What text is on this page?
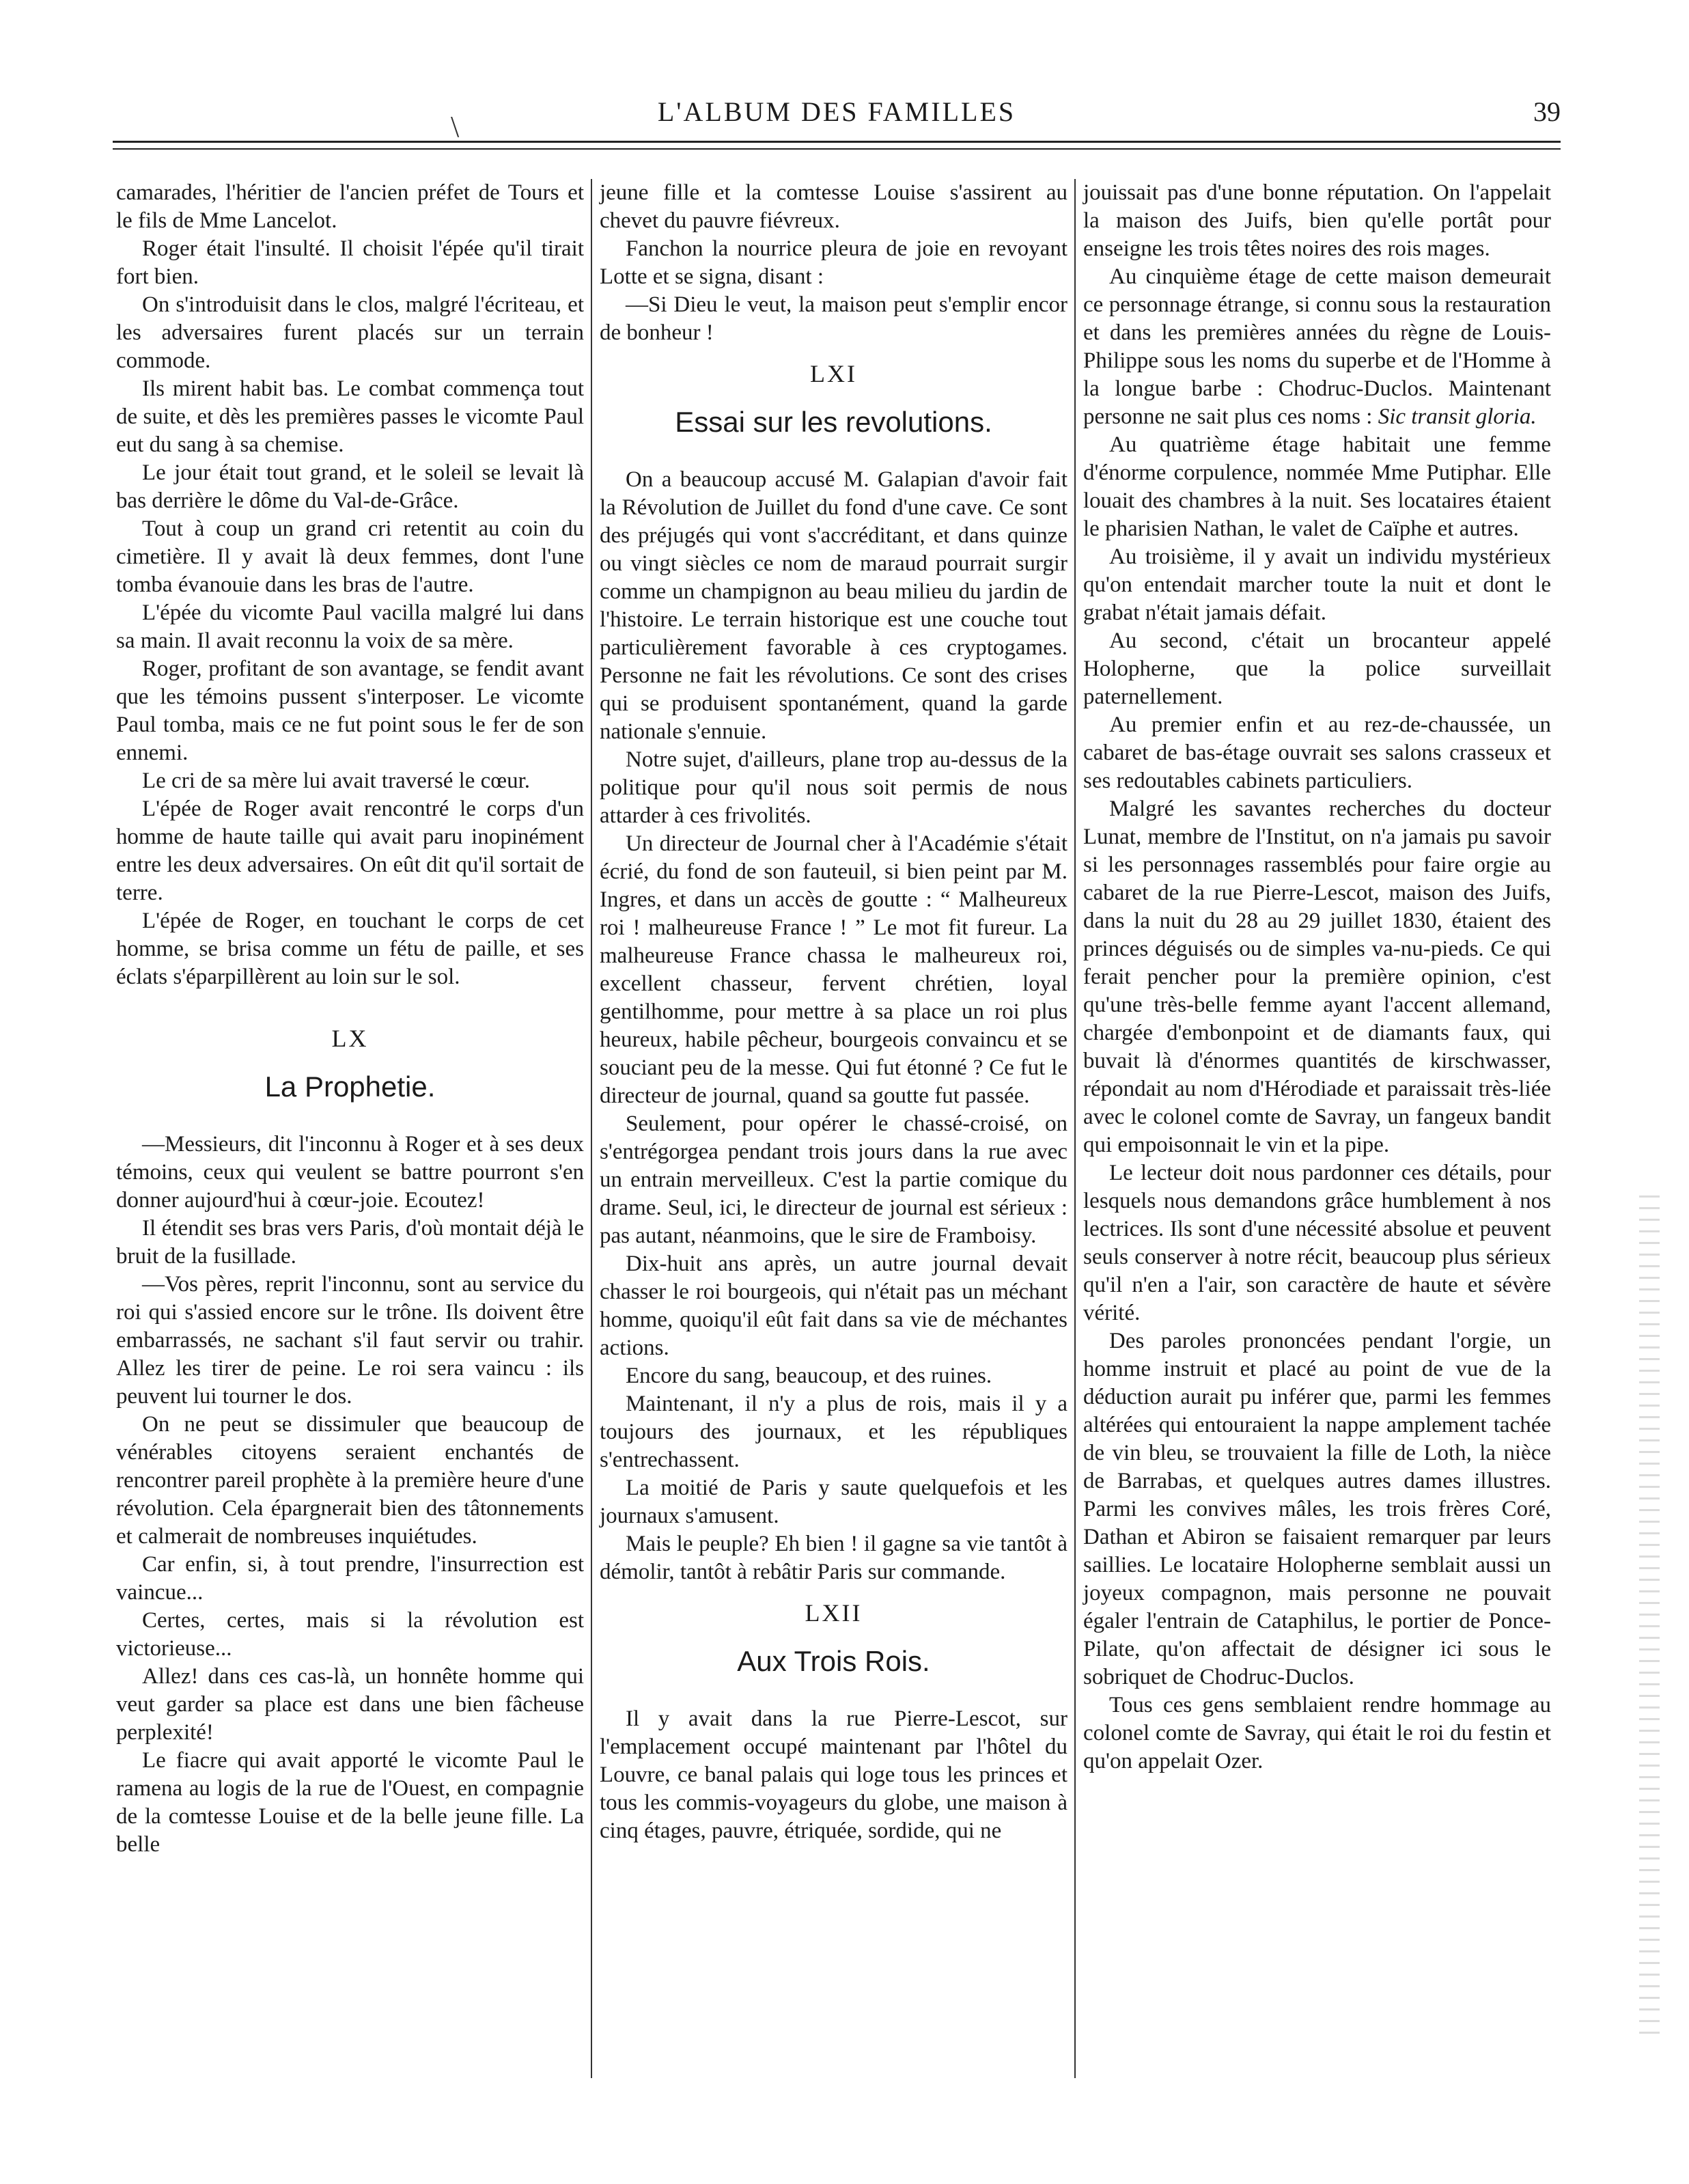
L'ALBUM DES FAMILLES	39
\

camarades, l'héritier de l'ancien préfet de Tours et le fils de Mme Lancelot.

Roger était l'insulté. Il choisit l'épée qu'il tirait fort bien.

On s'introduisit dans le clos, malgré l'écriteau, et les adversaires furent placés sur un terrain commode.

Ils mirent habit bas. Le combat commença tout de suite, et dès les premières passes le vicomte Paul eut du sang à sa chemise.

Le jour était tout grand, et le soleil se levait là bas derrière le dôme du Val-de-Grâce.

Tout à coup un grand cri retentit au coin du cimetière. Il y avait là deux femmes, dont l'une tomba évanouie dans les bras de l'autre.

L'épée du vicomte Paul vacilla malgré lui dans sa main. Il avait reconnu la voix de sa mère.

Roger, profitant de son avantage, se fendit avant que les témoins pussent s'interposer. Le vicomte Paul tomba, mais ce ne fut point sous le fer de son ennemi.

Le cri de sa mère lui avait traversé le cœur.

L'épée de Roger avait rencontré le corps d'un homme de haute taille qui avait paru inopinément entre les deux adversaires. On eût dit qu'il sortait de terre.

L'épée de Roger, en touchant le corps de cet homme, se brisa comme un fétu de paille, et ses éclats s'éparpillèrent au loin sur le sol.

LX
La Prophetie.

—Messieurs, dit l'inconnu à Roger et à ses deux témoins, ceux qui veulent se battre pourront s'en donner aujourd'hui à cœur-joie. Ecoutez!

Il étendit ses bras vers Paris, d'où montait déjà le bruit de la fusillade.

—Vos pères, reprit l'inconnu, sont au service du roi qui s'assied encore sur le trône. Ils doivent être embarrassés, ne sachant s'il faut servir ou trahir. Allez les tirer de peine. Le roi sera vaincu : ils peuvent lui tourner le dos.

On ne peut se dissimuler que beaucoup de vénérables citoyens seraient enchantés de rencontrer pareil prophète à la première heure d'une révolution. Cela épargnerait bien des tâtonnements et calmerait de nombreuses inquiétudes.

Car enfin, si, à tout prendre, l'insurrection est vaincue...

Certes, certes, mais si la révolution est victorieuse...

Allez! dans ces cas-là, un honnête homme qui veut garder sa place est dans une bien fâcheuse perplexité!

Le fiacre qui avait apporté le vicomte Paul le ramena au logis de la rue de l'Ouest, en compagnie de la comtesse Louise et de la belle jeune fille. La belle

jeune fille et la comtesse Louise s'assirent au chevet du pauvre fiévreux.

Fanchon la nourrice pleura de joie en revoyant Lotte et se signa, disant :

—Si Dieu le veut, la maison peut s'emplir encor de bonheur !

LXI
Essai sur les revolutions.

On a beaucoup accusé M. Galapian d'avoir fait la Révolution de Juillet du fond d'une cave. Ce sont des préjugés qui vont s'accréditant, et dans quinze ou vingt siècles ce nom de maraud pourrait surgir comme un champignon au beau milieu du jardin de l'histoire. Le terrain historique est une couche tout particulièrement favorable à ces cryptogames. Personne ne fait les révolutions. Ce sont des crises qui se produisent spontanément, quand la garde nationale s'ennuie.

Notre sujet, d'ailleurs, plane trop au-dessus de la politique pour qu'il nous soit permis de nous attarder à ces frivolités.

Un directeur de Journal cher à l'Académie s'était écrié, du fond de son fauteuil, si bien peint par M. Ingres, et dans un accès de goutte : “ Malheureux roi ! malheureuse France ! ” Le mot fit fureur. La malheureuse France chassa le malheureux roi, excellent chasseur, fervent chrétien, loyal gentilhomme, pour mettre à sa place un roi plus heureux, habile pêcheur, bourgeois convaincu et se souciant peu de la messe. Qui fut étonné ? Ce fut le directeur de journal, quand sa goutte fut passée.

Seulement, pour opérer le chassé-croisé, on s'entrégorgea pendant trois jours dans la rue avec un entrain merveilleux. C'est la partie comique du drame. Seul, ici, le directeur de journal est sérieux : pas autant, néanmoins, que le sire de Framboisy.

Dix-huit ans après, un autre journal devait chasser le roi bourgeois, qui n'était pas un méchant homme, quoiqu'il eût fait dans sa vie de méchantes actions.

Encore du sang, beaucoup, et des ruines.

Maintenant, il n'y a plus de rois, mais il y a toujours des journaux, et les républiques s'entrechassent.

La moitié de Paris y saute quelquefois et les journaux s'amusent.

Mais le peuple? Eh bien ! il gagne sa vie tantôt à démolir, tantôt à rebâtir Paris sur commande.

LXII
Aux Trois Rois.

Il y avait dans la rue Pierre-Lescot, sur l'emplacement occupé maintenant par l'hôtel du Louvre, ce banal palais qui loge tous les princes et tous les commis-voyageurs du globe, une maison à cinq étages, pauvre, étriquée, sordide, qui ne

jouissait pas d'une bonne réputation. On l'appelait la maison des Juifs, bien qu'elle portât pour enseigne les trois têtes noires des rois mages.

Au cinquième étage de cette maison demeurait ce personnage étrange, si connu sous la restauration et dans les premières années du règne de Louis-Philippe sous les noms du superbe et de l'Homme à la longue barbe : Chodruc-Duclos. Maintenant personne ne sait plus ces noms : Sic transit gloria.

Au quatrième étage habitait une femme d'énorme corpulence, nommée Mme Putiphar. Elle louait des chambres à la nuit. Ses locataires étaient le pharisien Nathan, le valet de Caïphe et autres.

Au troisième, il y avait un individu mystérieux qu'on entendait marcher toute la nuit et dont le grabat n'était jamais défait.

Au second, c'était un brocanteur appelé Holopherne, que la police surveillait paternellement.

Au premier enfin et au rez-de-chaussée, un cabaret de bas-étage ouvrait ses salons crasseux et ses redoutables cabinets particuliers.

Malgré les savantes recherches du docteur Lunat, membre de l'Institut, on n'a jamais pu savoir si les personnages rassemblés pour faire orgie au cabaret de la rue Pierre-Lescot, maison des Juifs, dans la nuit du 28 au 29 juillet 1830, étaient des princes déguisés ou de simples va-nu-pieds. Ce qui ferait pencher pour la première opinion, c'est qu'une très-belle femme ayant l'accent allemand, chargée d'embonpoint et de diamants faux, qui buvait là d'énormes quantités de kirschwasser, répondait au nom d'Hérodiade et paraissait très-liée avec le colonel comte de Savray, un fangeux bandit qui empoisonnait le vin et la pipe.

Le lecteur doit nous pardonner ces détails, pour lesquels nous demandons grâce humblement à nos lectrices. Ils sont d'une nécessité absolue et peuvent seuls conserver à notre récit, beaucoup plus sérieux qu'il n'en a l'air, son caractère de haute et sévère vérité.

Des paroles prononcées pendant l'orgie, un homme instruit et placé au point de vue de la déduction aurait pu inférer que, parmi les femmes altérées qui entouraient la nappe amplement tachée de vin bleu, se trouvaient la fille de Loth, la nièce de Barrabas, et quelques autres dames illustres. Parmi les convives mâles, les trois frères Coré, Dathan et Abiron se faisaient remarquer par leurs saillies. Le locataire Holopherne semblait aussi un joyeux compagnon, mais personne ne pouvait égaler l'entrain de Cataphilus, le portier de Ponce-Pilate, qu'on affectait de désigner ici sous le sobriquet de Chodruc-Duclos.

Tous ces gens semblaient rendre hommage au colonel comte de Savray, qui était le roi du festin et qu'on appelait Ozer.
